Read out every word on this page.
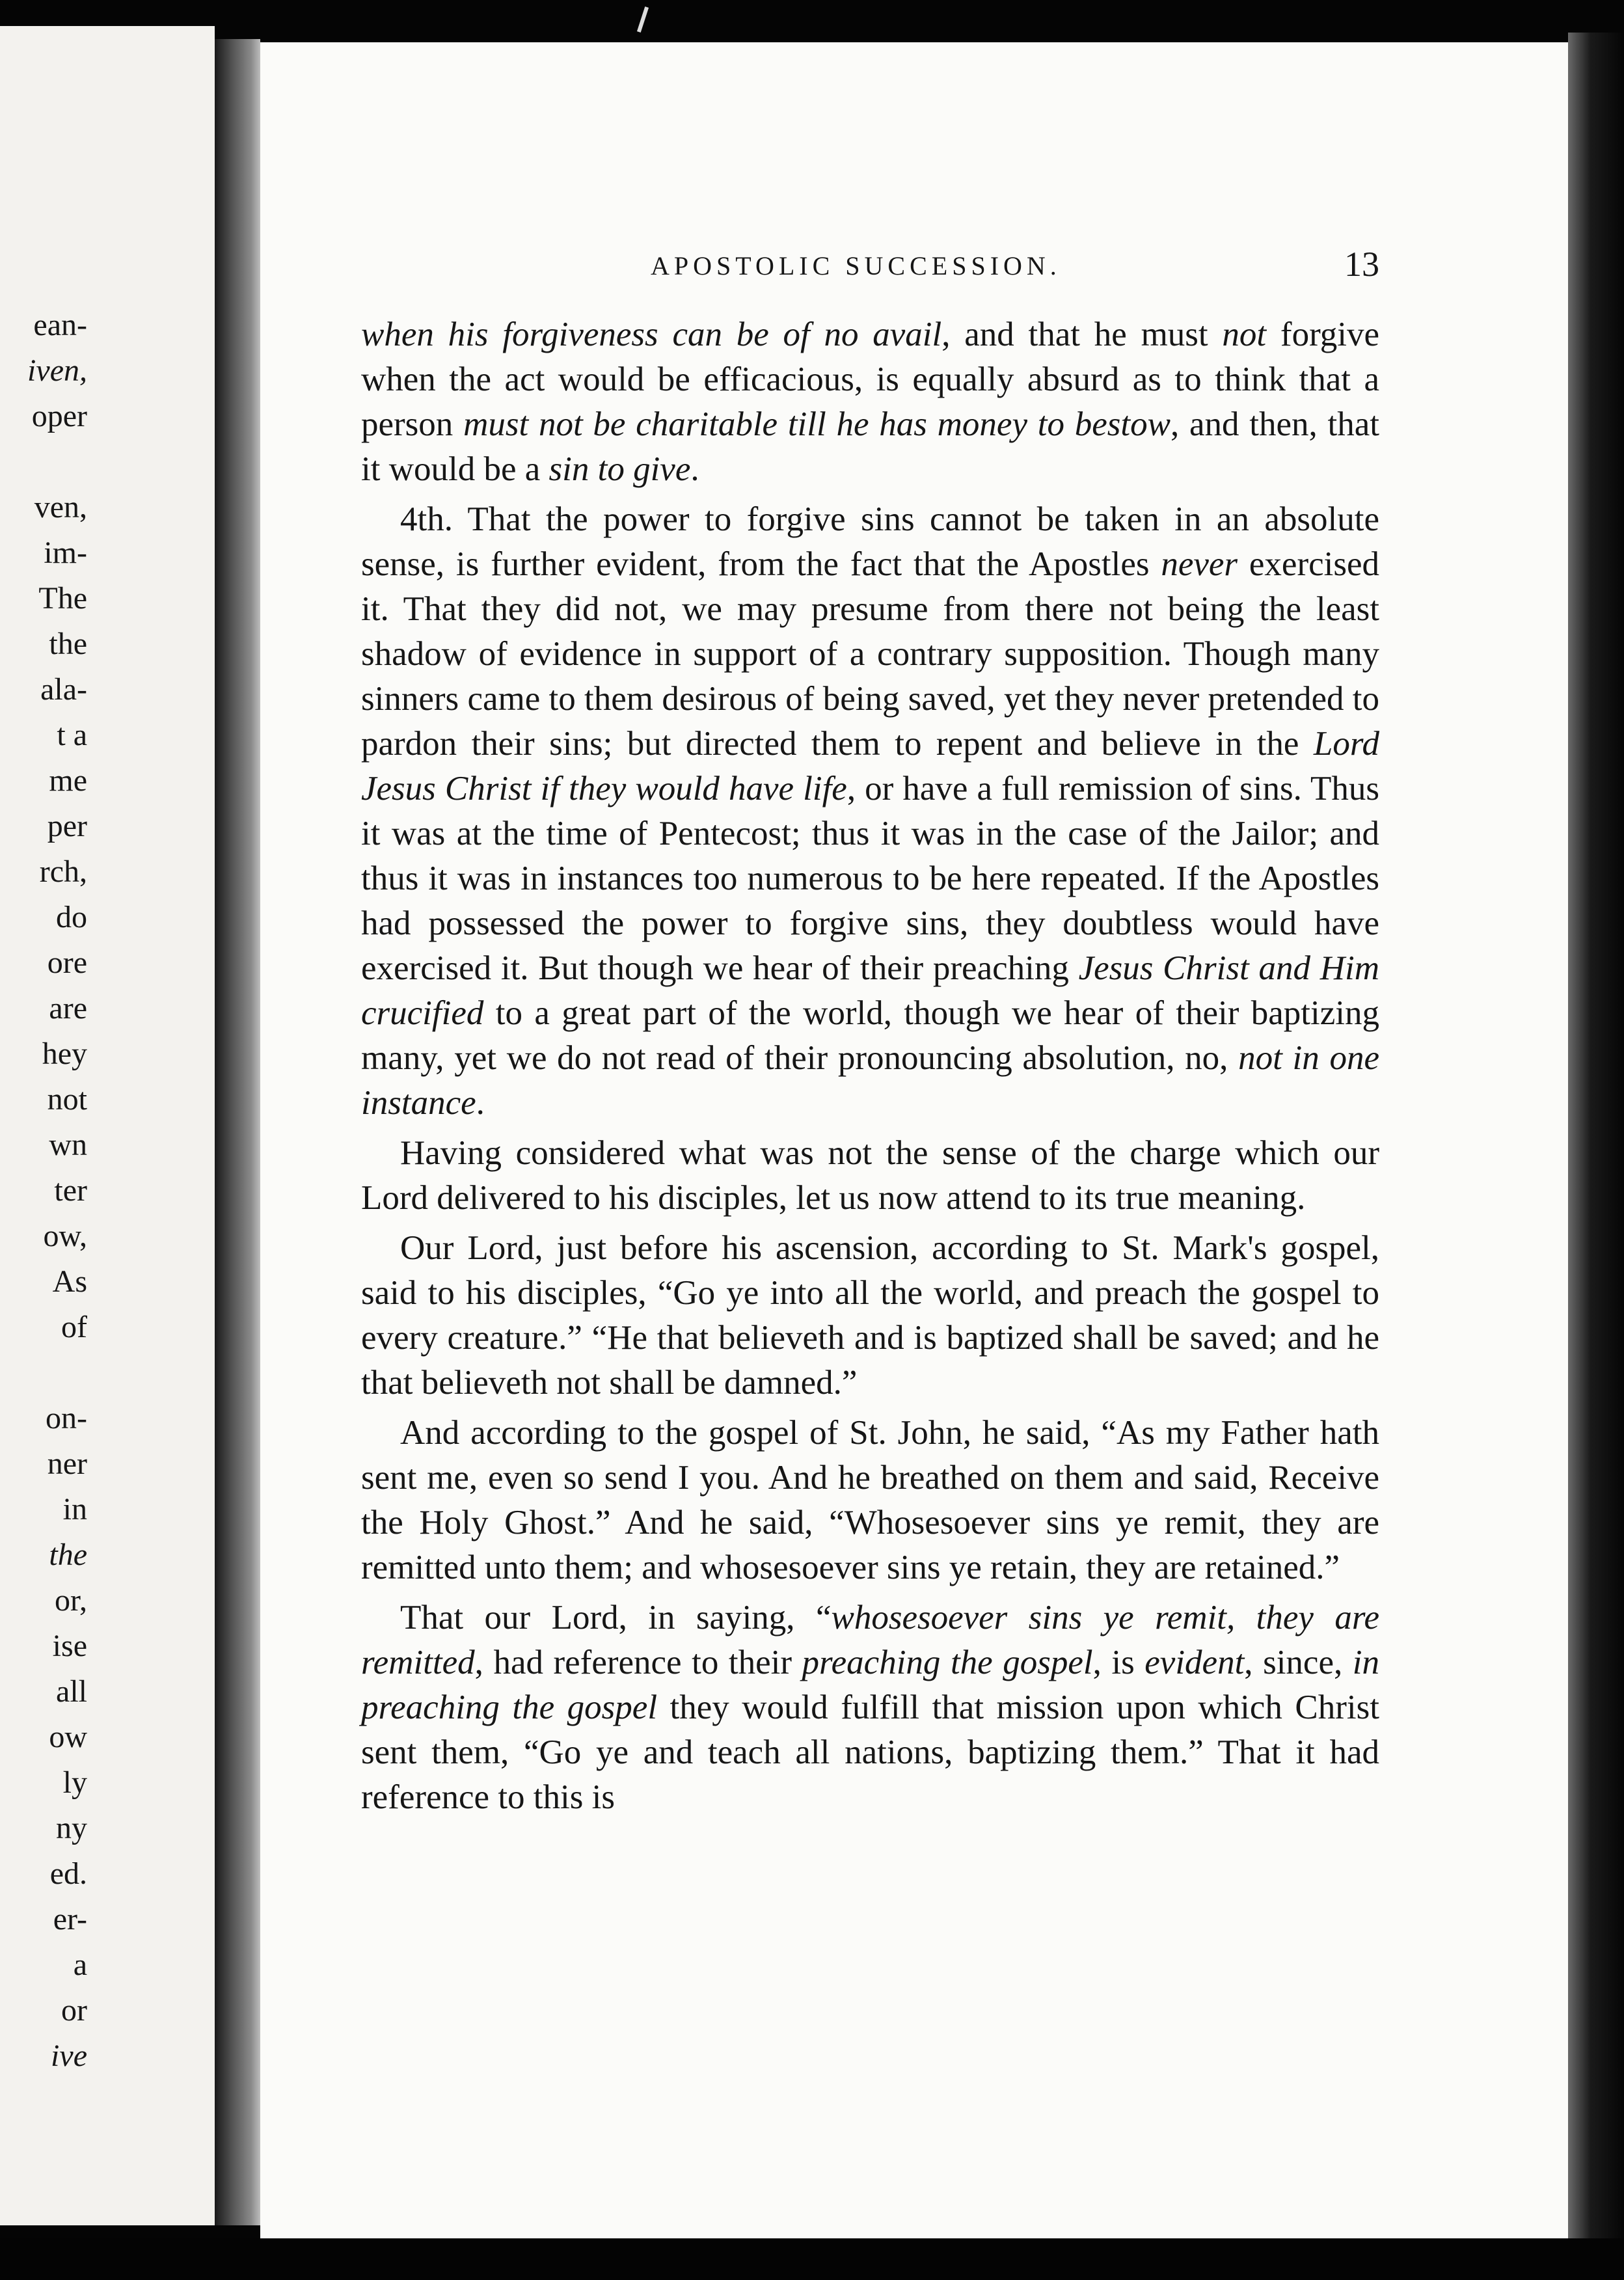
ean-
iven,
oper
ven,
im-
The
the
ala-
t a
me
per
rch,
do
ore
are
hey
not
wn
ter
ow,
As
of
on-
ner
in
the
or,
ise
all
ow
ly
ny
ed.
er-
a
or
ive
APOSTOLIC SUCCESSION.	13

when his forgiveness can be of no avail, and that he must not forgive when the act would be efficacious, is equally absurd as to think that a person must not be charitable till he has money to bestow, and then, that it would be a sin to give.

4th. That the power to forgive sins cannot be taken in an absolute sense, is further evident, from the fact that the Apostles never exercised it. That they did not, we may presume from there not being the least shadow of evidence in support of a contrary supposition. Though many sinners came to them desirous of being saved, yet they never pretended to pardon their sins; but directed them to repent and believe in the Lord Jesus Christ if they would have life, or have a full remission of sins. Thus it was at the time of Pentecost; thus it was in the case of the Jailor; and thus it was in instances too numerous to be here repeated. If the Apostles had possessed the power to forgive sins, they doubtless would have exercised it. But though we hear of their preaching Jesus Christ and Him crucified to a great part of the world, though we hear of their baptizing many, yet we do not read of their pronouncing absolution, no, not in one instance.

Having considered what was not the sense of the charge which our Lord delivered to his disciples, let us now attend to its true meaning.

Our Lord, just before his ascension, according to St. Mark's gospel, said to his disciples, “Go ye into all the world, and preach the gospel to every creature.” “He that believeth and is baptized shall be saved; and he that believeth not shall be damned.”

And according to the gospel of St. John, he said, “As my Father hath sent me, even so send I you. And he breathed on them and said, Receive the Holy Ghost.” And he said, “Whosesoever sins ye remit, they are remitted unto them; and whosesoever sins ye retain, they are retained.”

That our Lord, in saying, “whosesoever sins ye remit, they are remitted, had reference to their preaching the gospel, is evident, since, in preaching the gospel they would fulfill that mission upon which Christ sent them, “Go ye and teach all nations, baptizing them.” That it had reference to this is
